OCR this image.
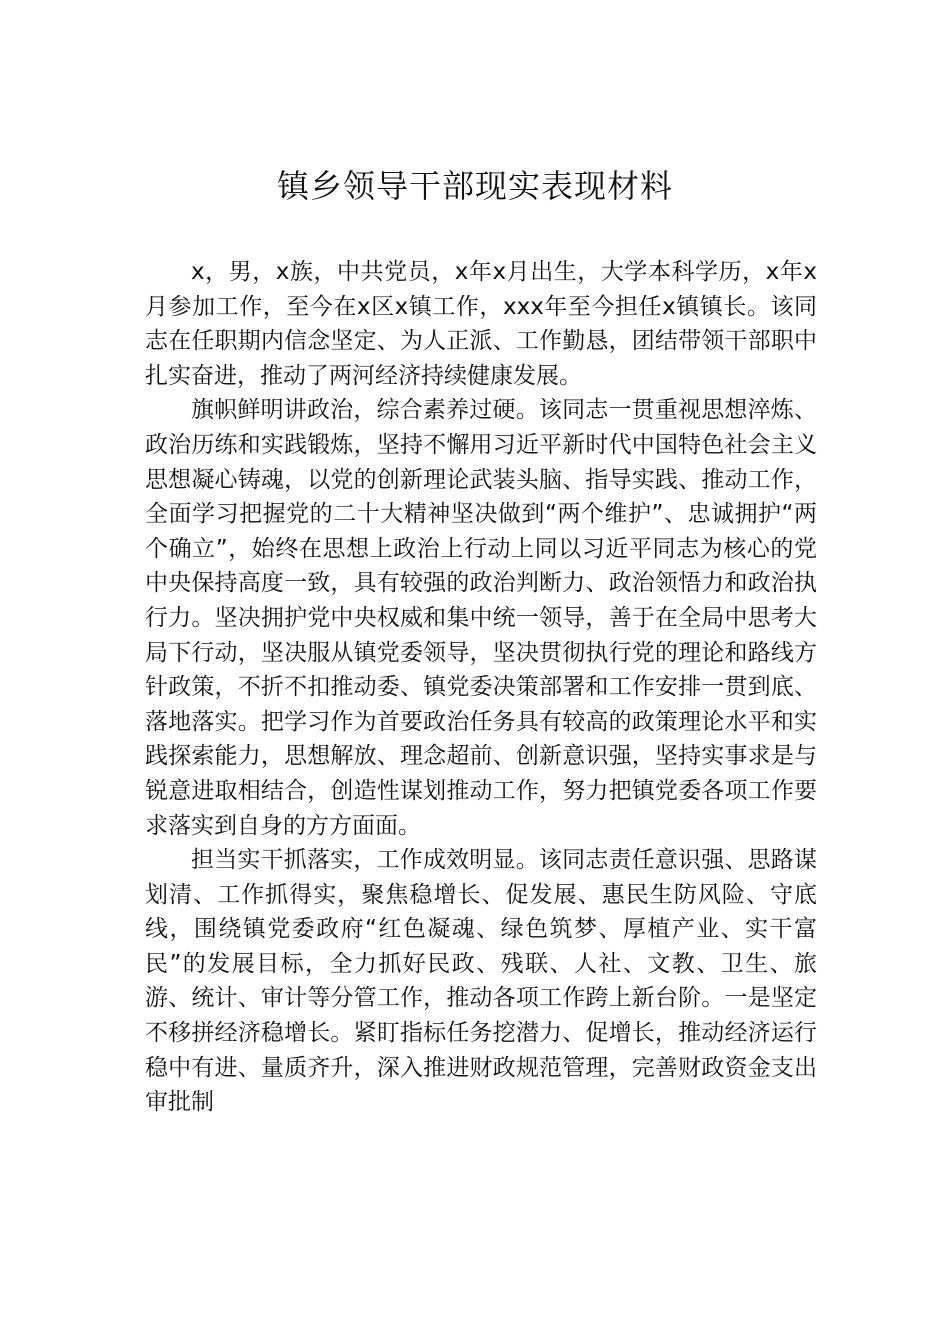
镇乡领导干部现实表现材料

x，男，x族，中共党员，x年x月出生，大学本科学历，x年x月参加工作，至今在x区x镇工作，xxx年至今担任x镇镇长。该同志在任职期内信念坚定、为人正派、工作勤恳，团结带领干部职中扎实奋进，推动了两河经济持续健康发展。

旗帜鲜明讲政治，综合素养过硬。该同志一贯重视思想淬炼、政治历练和实践锻炼，坚持不懈用习近平新时代中国特色社会主义思想凝心铸魂，以党的创新理论武装头脑、指导实践、推动工作，全面学习把握党的二十大精神坚决做到“两个维护”、忠诚拥护“两个确立”，始终在思想上政治上行动上同以习近平同志为核心的党中央保持高度一致，具有较强的政治判断力、政治领悟力和政治执行力。坚决拥护党中央权威和集中统一领导，善于在全局中思考大局下行动，坚决服从镇党委领导，坚决贯彻执行党的理论和路线方针政策，不折不扣推动委、镇党委决策部署和工作安排一贯到底、落地落实。把学习作为首要政治任务具有较高的政策理论水平和实践探索能力，思想解放、理念超前、创新意识强，坚持实事求是与锐意进取相结合，创造性谋划推动工作，努力把镇党委各项工作要求落实到自身的方方面面。

担当实干抓落实，工作成效明显。该同志责任意识强、思路谋划清、工作抓得实，聚焦稳增长、促发展、惠民生防风险、守底线，围绕镇党委政府“红色凝魂、绿色筑梦、厚植产业、实干富民”的发展目标，全力抓好民政、残联、人社、文教、卫生、旅游、统计、审计等分管工作，推动各项工作跨上新台阶。一是坚定不移拼经济稳增长。紧盯指标任务挖潜力、促增长，推动经济运行稳中有进、量质齐升，深入推进财政规范管理，完善财政资金支出审批制
